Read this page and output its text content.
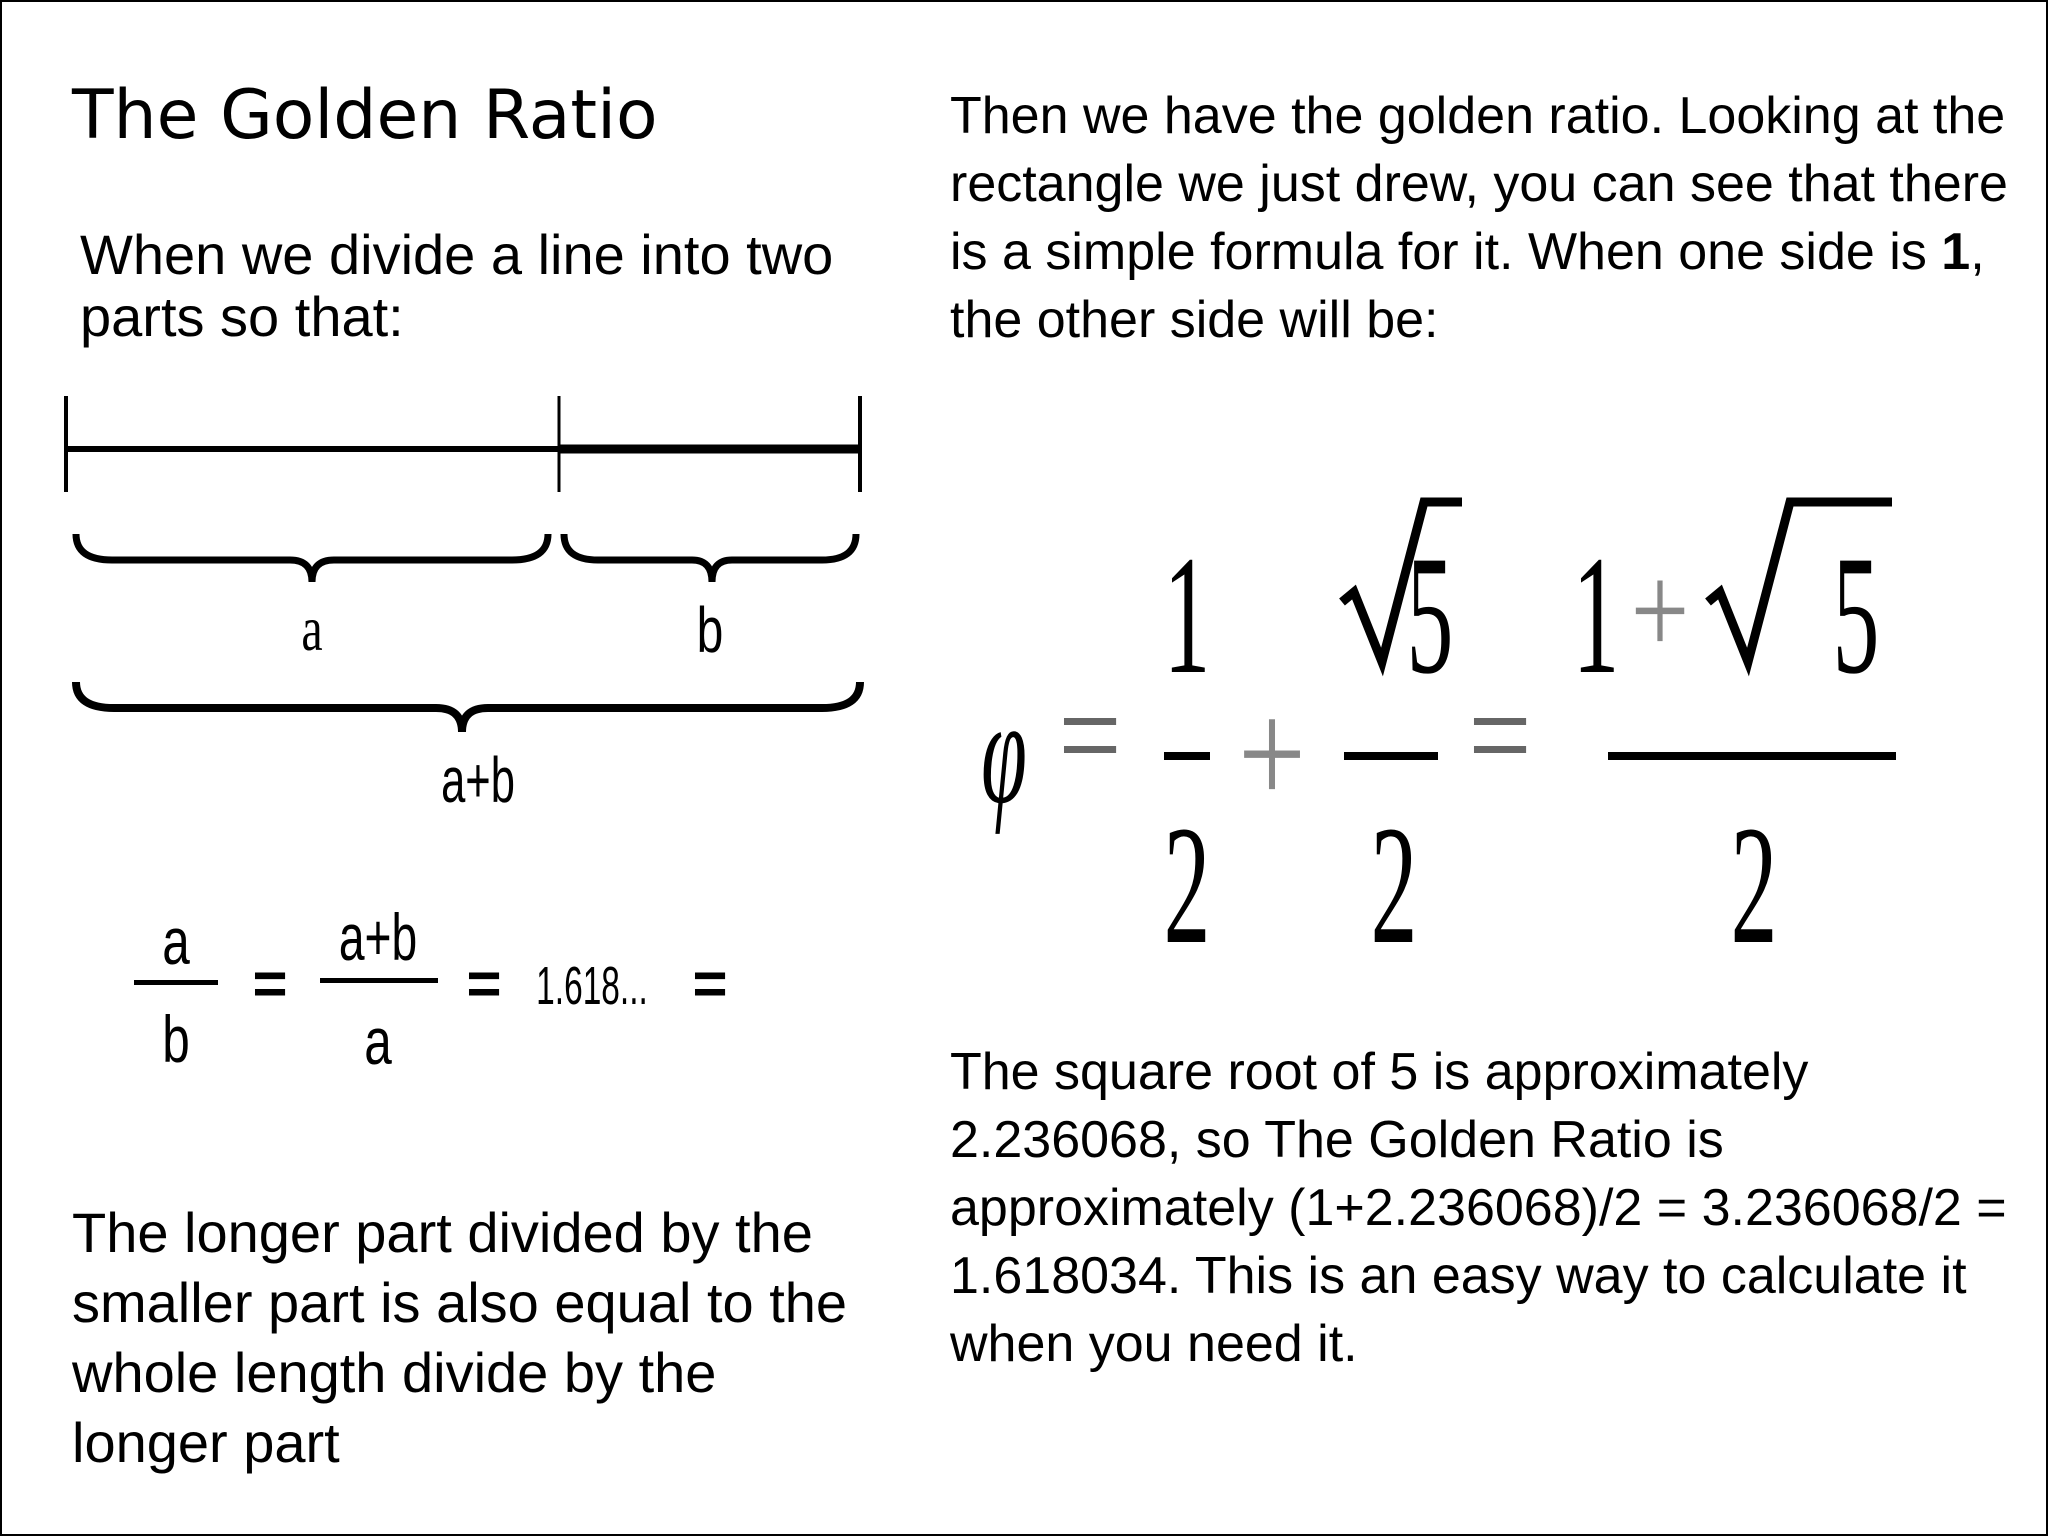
The Golden Ratio
When we divide a line into two parts so that:
a	b
a+b
a
b
=
a+b
a
= 1.618... =
The longer part divided by the smaller part is also equal to the whole length divide by the longer part
Then we have the golden ratio. Looking at the rectangle we just drew, you can see that there is a simple formula for it. When one side is 1, the other side will be:
φ =
1
2
+
5
2
=
1 + 5
2
The square root of 5 is approximately 2.236068, so The Golden Ratio is approximately (1+2.236068)/2 = 3.236068/2 = 1.618034. This is an easy way to calculate it when you need it.
